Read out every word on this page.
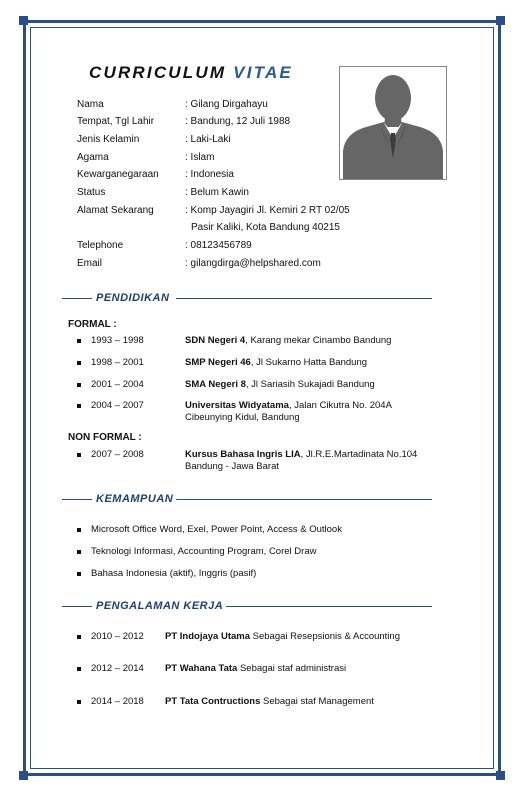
CURRICULUM VITAE
Nama	: Gilang Dirgahayu
Tempat, Tgl Lahir	: Bandung, 12 Juli 1988
Jenis Kelamin	: Laki-Laki
Agama	: Islam
Kewarganegaraan	: Indonesia
Status	: Belum Kawin
Alamat Sekarang	: Komp Jayagiri Jl. Kemiri 2 RT 02/05
Pasir Kaliki, Kota Bandung 40215
Telephone	: 08123456789
Email	: gilangdirga@helpshared.com
PENDIDIKAN
FORMAL :
1993 – 1998	SDN Negeri 4, Karang mekar Cinambo Bandung
1998 – 2001	SMP Negeri 46, Jl Sukarno Hatta Bandung
2001 – 2004	SMA Negeri 8, Jl Sariasih Sukajadi Bandung
2004 – 2007	Universitas Widyatama, Jalan Cikutra No. 204A
Cibeunying Kidul, Bandung
NON FORMAL :
2007 – 2008	Kursus Bahasa Ingris LIA, Jl.R.E.Martadinata No.104
Bandung - Jawa Barat
KEMAMPUAN
Microsoft Office Word, Exel, Power Point, Access & Outlook
Teknologi Informasi, Accounting Program, Corel Draw
Bahasa Indonesia (aktif), Inggris (pasif)
PENGALAMAN KERJA
2010 – 2012 PT Indojaya Utama Sebagai Resepsionis & Accounting
2012 – 2014 PT Wahana Tata Sebagai staf administrasi
2014 – 2018 PT Tata Contructions Sebagai staf Management
